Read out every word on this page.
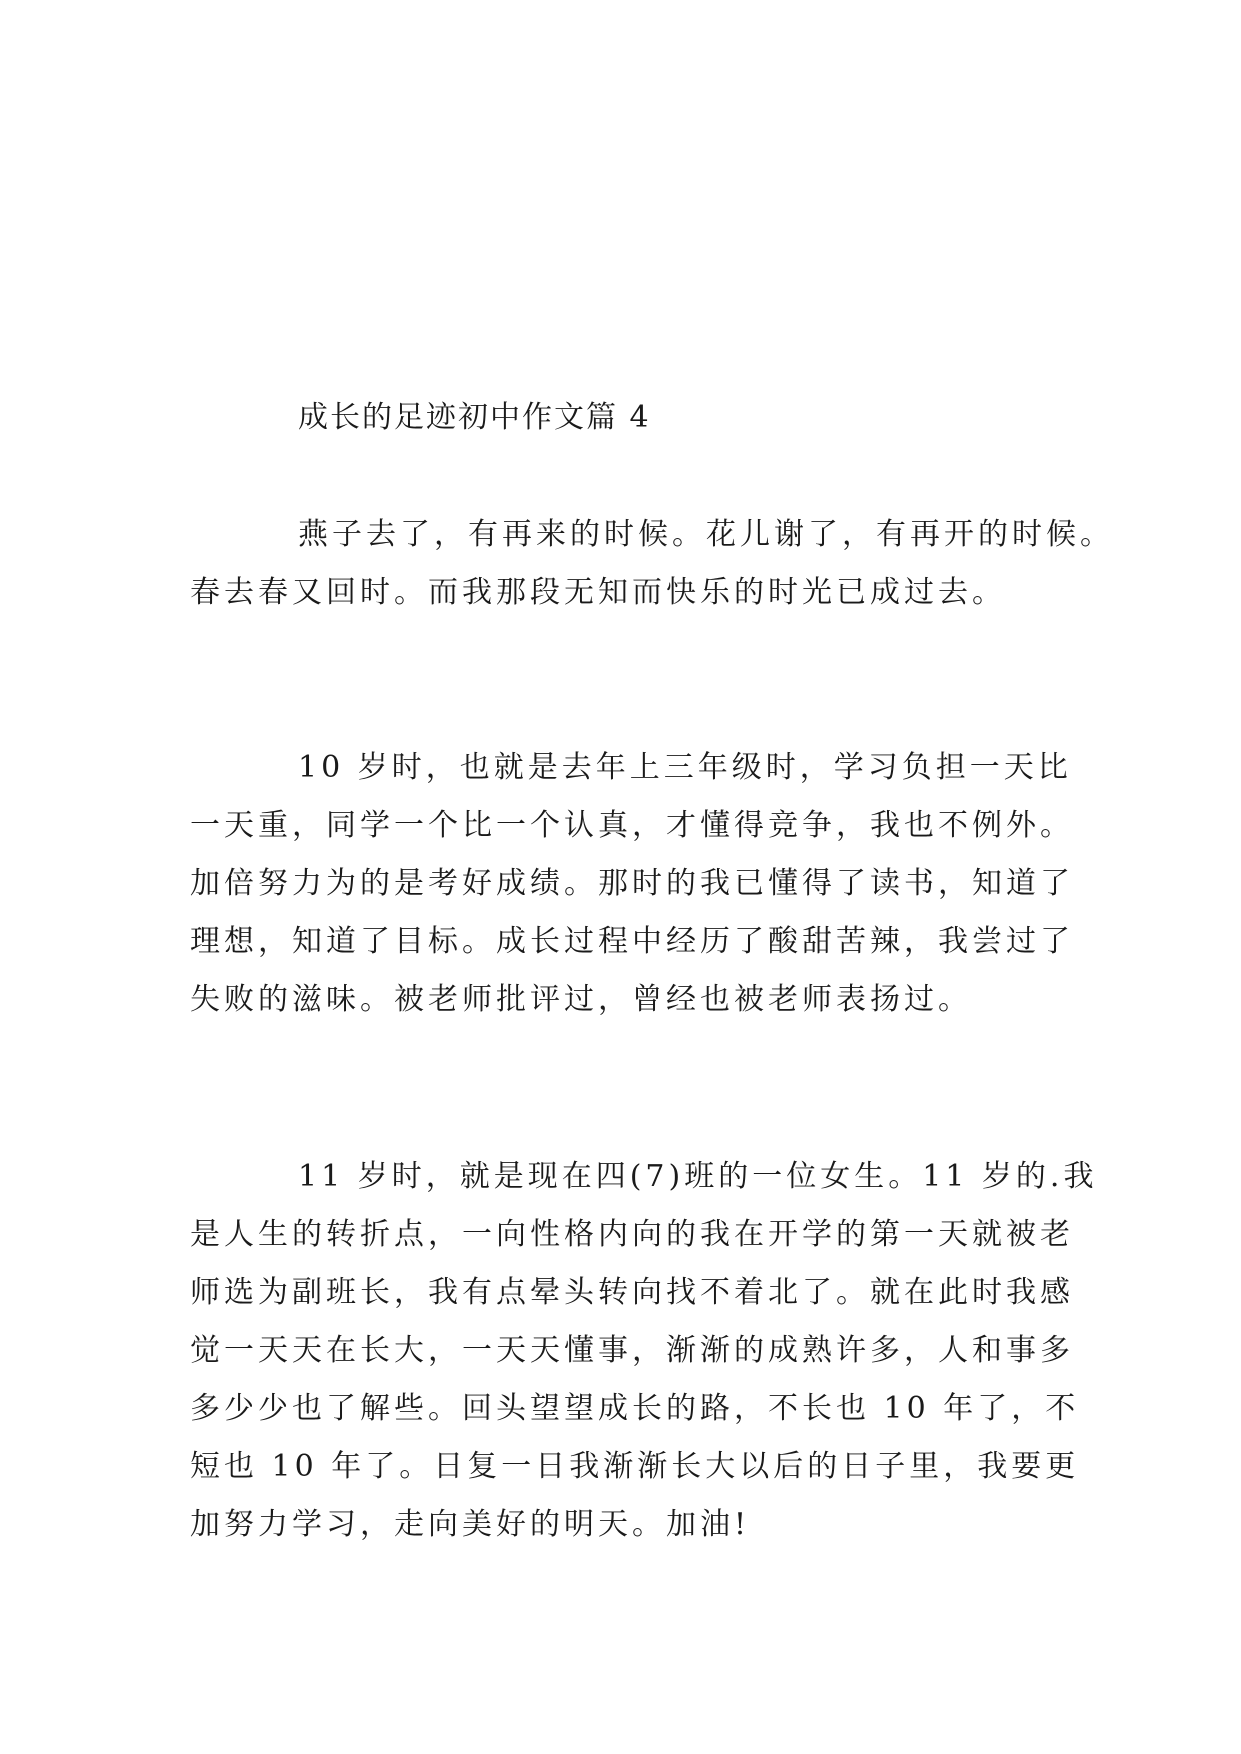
成长的足迹初中作文篇 4
燕子去了，有再来的时候。花儿谢了，有再开的时候。
春去春又回时。而我那段无知而快乐的时光已成过去。
10 岁时，也就是去年上三年级时，学习负担一天比
一天重，同学一个比一个认真，才懂得竞争，我也不例外。
加倍努力为的是考好成绩。那时的我已懂得了读书，知道了
理想，知道了目标。成长过程中经历了酸甜苦辣，我尝过了
失败的滋味。被老师批评过，曾经也被老师表扬过。
11 岁时，就是现在四(7)班的一位女生。11 岁的.我
是人生的转折点，一向性格内向的我在开学的第一天就被老
师选为副班长，我有点晕头转向找不着北了。就在此时我感
觉一天天在长大，一天天懂事，渐渐的成熟许多，人和事多
多少少也了解些。回头望望成长的路，不长也 10 年了，不
短也 10 年了。日复一日我渐渐长大以后的日子里，我要更
加努力学习，走向美好的明天。加油!
